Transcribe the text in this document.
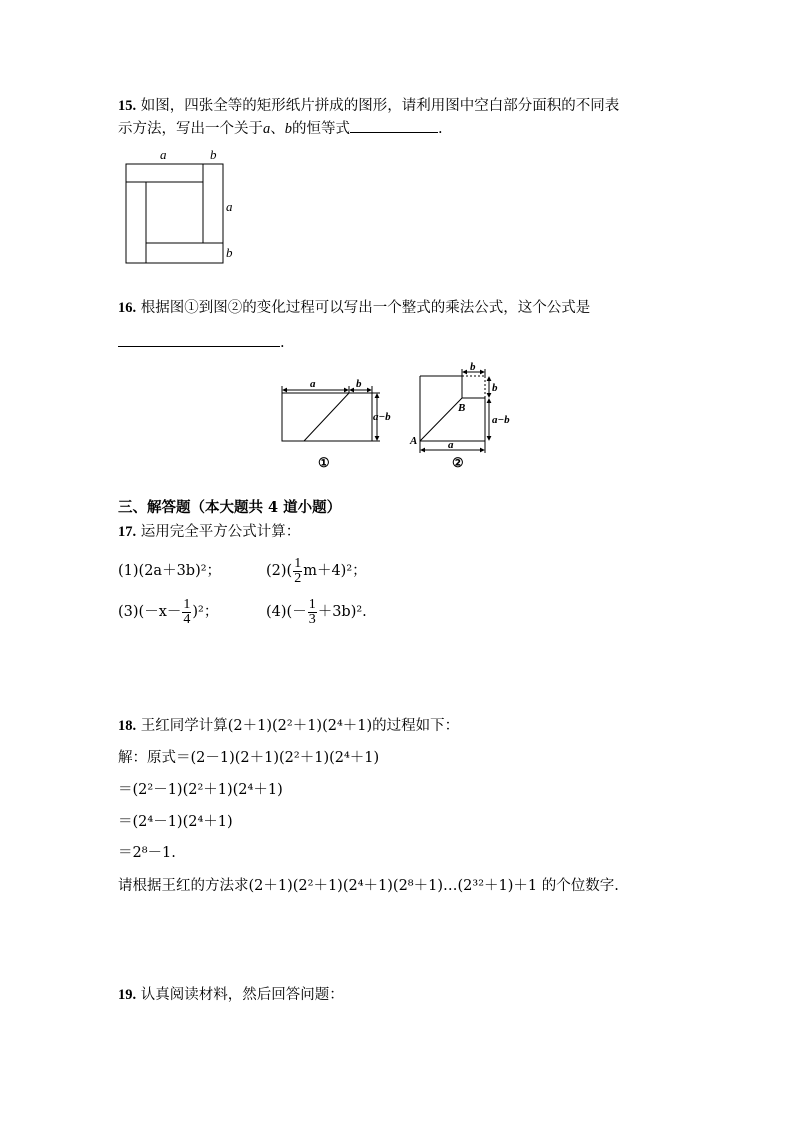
15. 如图，四张全等的矩形纸片拼成的图形，请利用图中空白部分面积的不同表
示方法，写出一个关于a、b的恒等式	.
a	b
a
b
16. 根据图①到图②的变化过程可以写出一个整式的乘法公式，这个公式是
.
a	b
a−b
①
b
b
a−b
B
A	a
②
三、解答题（本大题共 4 道小题）
17. 运用完全平方公式计算：
(1)(2a＋3b)²；	$(2)( \frac{1}{2} m+4)^2$；
$(3)(-x- \frac{1}{4} )^2$；	$(4)(- \frac{1}{3} +3b)^2$.
18. 王红同学计算(2＋1)(2²＋1)(2⁴＋1)的过程如下：
解：原式＝(2－1)(2＋1)(2²＋1)(2⁴＋1)
＝(2²－1)(2²＋1)(2⁴＋1)
＝(2⁴－1)(2⁴＋1)
＝2⁸－1.
请根据王红的方法求(2＋1)(2²＋1)(2⁴＋1)(2⁸＋1)…(2³²＋1)＋1 的个位数字.
19. 认真阅读材料，然后回答问题：
